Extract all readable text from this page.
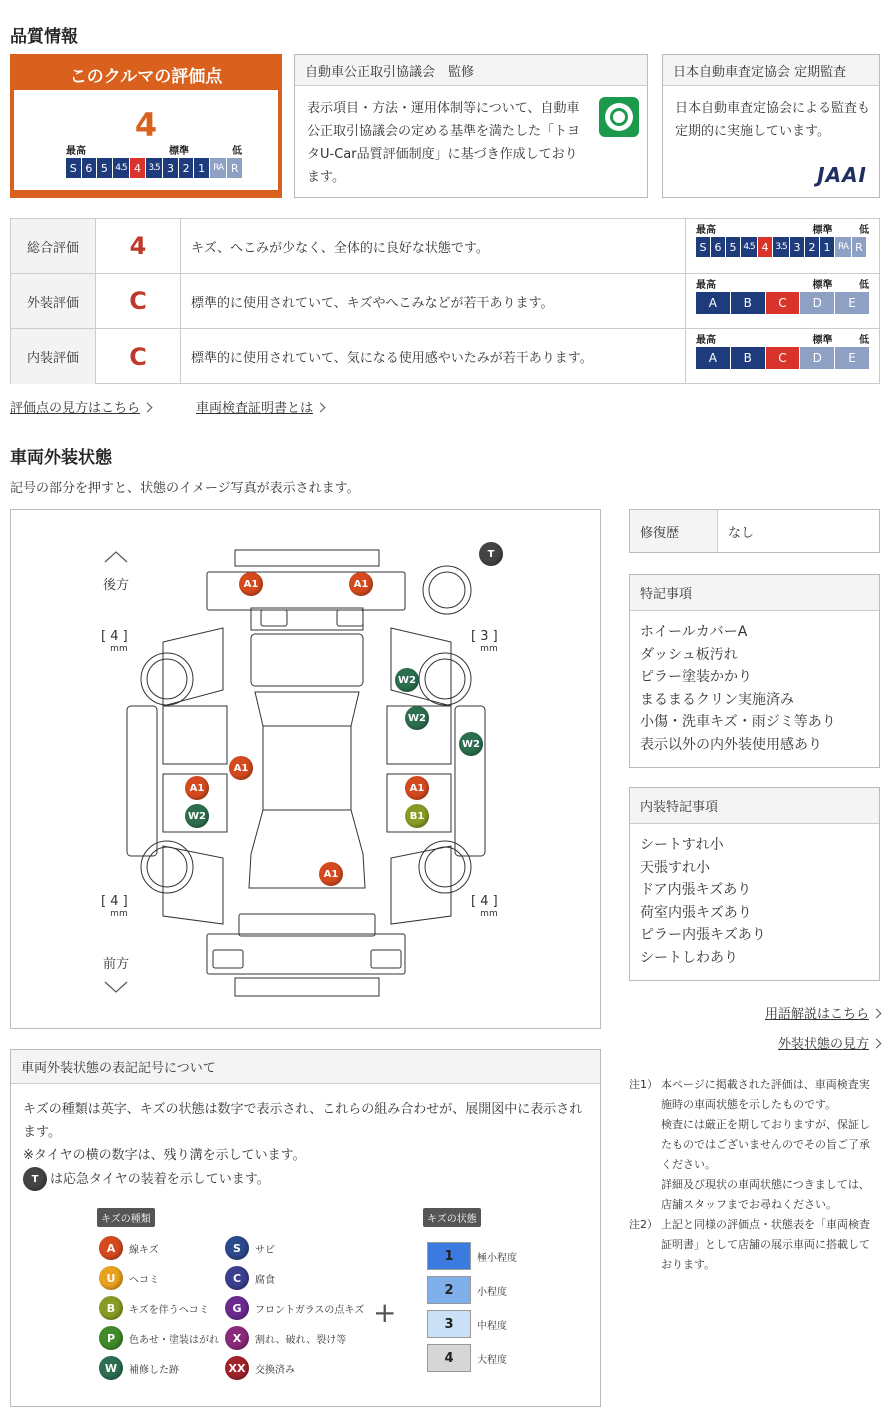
品質情報
このクルマの評価点
4
最高	標準	低
S 6 5 4.5 4 3.5 3 2 1 RA R
自動車公正取引協議会　監修
表示項目・方法・運用体制等について、自動車公正取引協議会の定める基準を満たした「トヨタU-Car品質評価制度」に基づき作成しております。
日本自動車査定協会 定期監査
日本自動車査定協会による監査も定期的に実施しています。
JAAI
総合評価	4	キズ、へこみが少なく、全体的に良好な状態です。
最高	標準	低
S 6 5 4.5 4 3.5 3 2 1 RA R
外装評価	C	標準的に使用されていて、キズやへこみなどが若干あります。
最高	標準	低
A	B	C	D	E
内装評価	C	標準的に使用されていて、気になる使用感やいたみが若干あります。
最高	標準	低
A	B	C	D	E
評価点の見方はこちら	車両検査証明書とは
車両外装状態
記号の部分を押すと、状態のイメージ写真が表示されます。
後方
前方
[ 4 ]
mm
[ 3 ]
mm
[ 4 ]
mm
[ 4 ]
mm
A1	A1
W2
W2
W2
A1
A1	A1
W2	B1
A1
T
修復歴	なし
特記事項
ホイールカバーA
ダッシュ板汚れ
ピラー塗装かかり
まるまるクリン実施済み
小傷・洗車キズ・雨ジミ等あり
表示以外の内外装使用感あり
内装特記事項
シートすれ小
天張すれ小
ドア内張キズあり
荷室内張キズあり
ピラー内張キズあり
シートしわあり
用語解説はこちら
外装状態の見方
注1） 本ページに掲載された評価は、車両検査実施時の車両状態を示したものです。
検査には厳正を期しておりますが、保証したものではございませんのでその旨ご了承ください。
詳細及び現状の車両状態につきましては、店舗スタッフまでお尋ねください。
注2） 上記と同様の評価点・状態表を「車両検査証明書」として店舗の展示車両に搭載しております。
車両外装状態の表記記号について
キズの種類は英字、キズの状態は数字で表示され、これらの組み合わせが、展開図中に表示されます。
※タイヤの横の数字は、残り溝を示しています。
T は応急タイヤの装着を示しています。
キズの種類	キズの状態
A	線キズ
U	ヘコミ
B	キズを伴うヘコミ
P	色あせ・塗装はがれ
W	補修した跡
S	サビ
C	腐食
G	フロントガラスの点キズ
X	割れ、破れ、裂け等
XX 交換済み
+
1	極小程度
2	小程度
3	中程度
4	大程度
